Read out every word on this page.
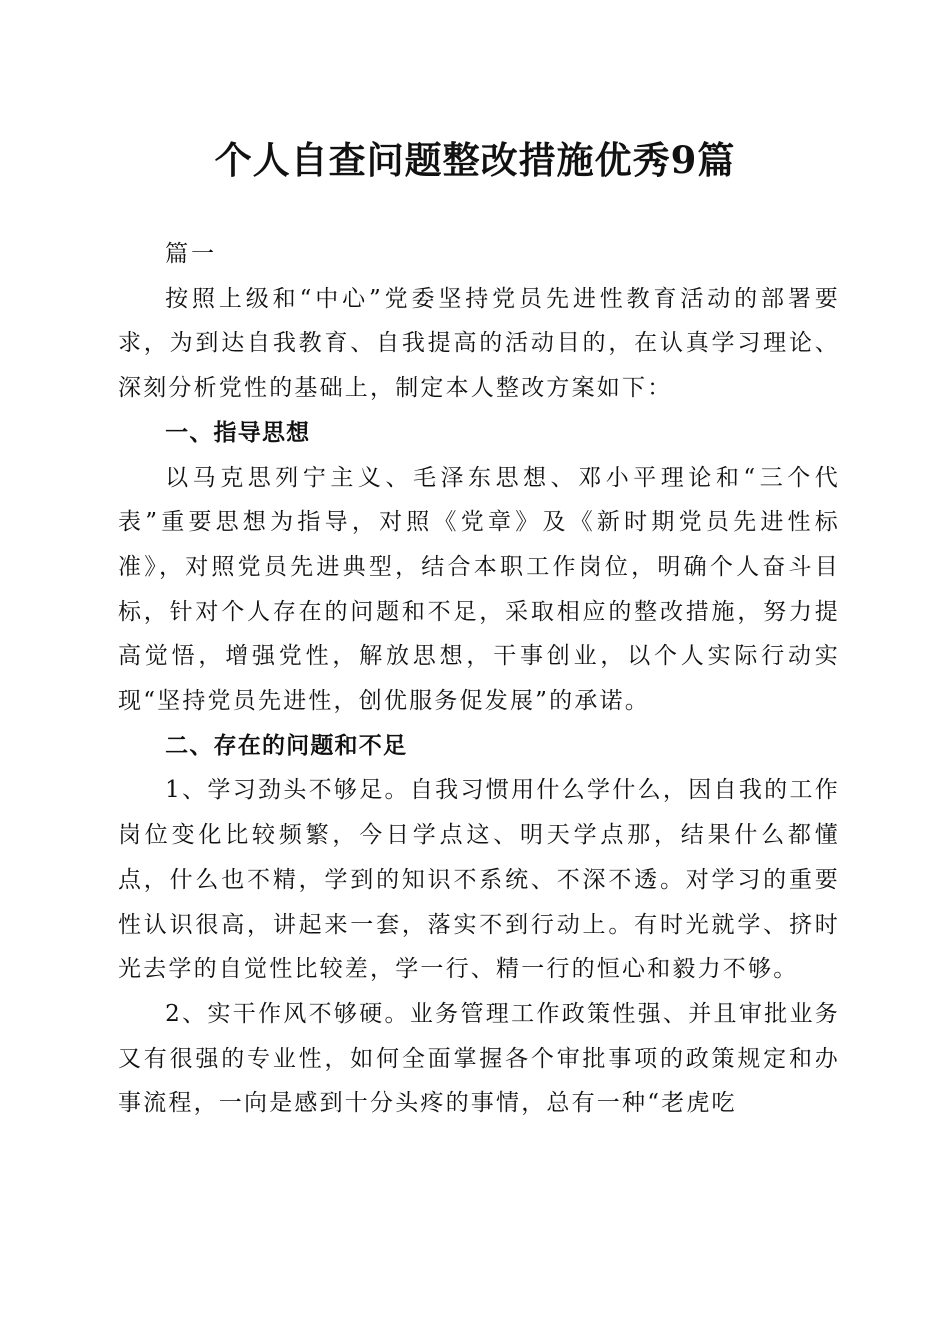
个人自查问题整改措施优秀9篇

篇一

按照上级和“中心”党委坚持党员先进性教育活动的部署要求，为到达自我教育、自我提高的活动目的，在认真学习理论、深刻分析党性的基础上，制定本人整改方案如下：

一、指导思想

以马克思列宁主义、毛泽东思想、邓小平理论和“三个代表”重要思想为指导，对照《党章》及《新时期党员先进性标准》，对照党员先进典型，结合本职工作岗位，明确个人奋斗目标，针对个人存在的问题和不足，采取相应的整改措施，努力提高觉悟，增强党性，解放思想，干事创业，以个人实际行动实现“坚持党员先进性，创优服务促发展”的承诺。

二、存在的问题和不足

1、学习劲头不够足。自我习惯用什么学什么，因自我的工作岗位变化比较频繁，今日学点这、明天学点那，结果什么都懂点，什么也不精，学到的知识不系统、不深不透。对学习的重要性认识很高，讲起来一套，落实不到行动上。有时光就学、挤时光去学的自觉性比较差，学一行、精一行的恒心和毅力不够。

2、实干作风不够硬。业务管理工作政策性强、并且审批业务又有很强的专业性，如何全面掌握各个审批事项的政策规定和办事流程，一向是感到十分头疼的事情，总有一种“老虎吃
